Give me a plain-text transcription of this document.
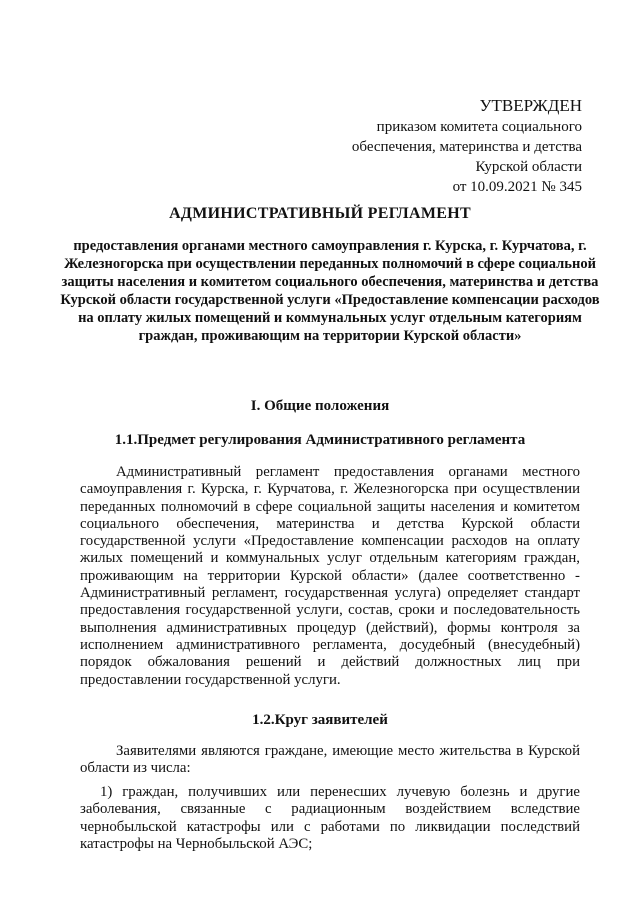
УТВЕРЖДЕН
приказом комитета социального
обеспечения, материнства и детства
Курской области
от 10.09.2021 № 345
АДМИНИСТРАТИВНЫЙ РЕГЛАМЕНТ
предоставления органами местного самоуправления г. Курска, г. Курчатова, г. Железногорска при осуществлении переданных полномочий в сфере социальной защиты населения и комитетом социального обеспечения, материнства и детства Курской области государственной услуги «Предоставление компенсации расходов на оплату жилых помещений и коммунальных услуг отдельным категориям граждан, проживающим на территории Курской области»
I. Общие положения
1.1.Предмет регулирования Административного регламента

Административный регламент предоставления органами местного самоуправления г. Курска, г. Курчатова, г. Железногорска при осуществлении переданных полномочий в сфере социальной защиты населения и комитетом социального обеспечения, материнства и детства Курской области государственной услуги «Предоставление компенсации расходов на оплату жилых помещений и коммунальных услуг отдельным категориям граждан, проживающим на территории Курской области» (далее соответственно - Административный регламент, государственная услуга) определяет стандарт предоставления государственной услуги, состав, сроки и последовательность выполнения административных процедур (действий), формы контроля за исполнением административного регламента, досудебный (внесудебный) порядок обжалования решений и действий должностных лиц при предоставлении государственной услуги.

1.2.Круг заявителей

Заявителями являются граждане, имеющие место жительства в Курской области из числа:

1) граждан, получивших или перенесших лучевую болезнь и другие заболевания, связанные с радиационным воздействием вследствие чернобыльской катастрофы или с работами по ликвидации последствий катастрофы на Чернобыльской АЭС;
